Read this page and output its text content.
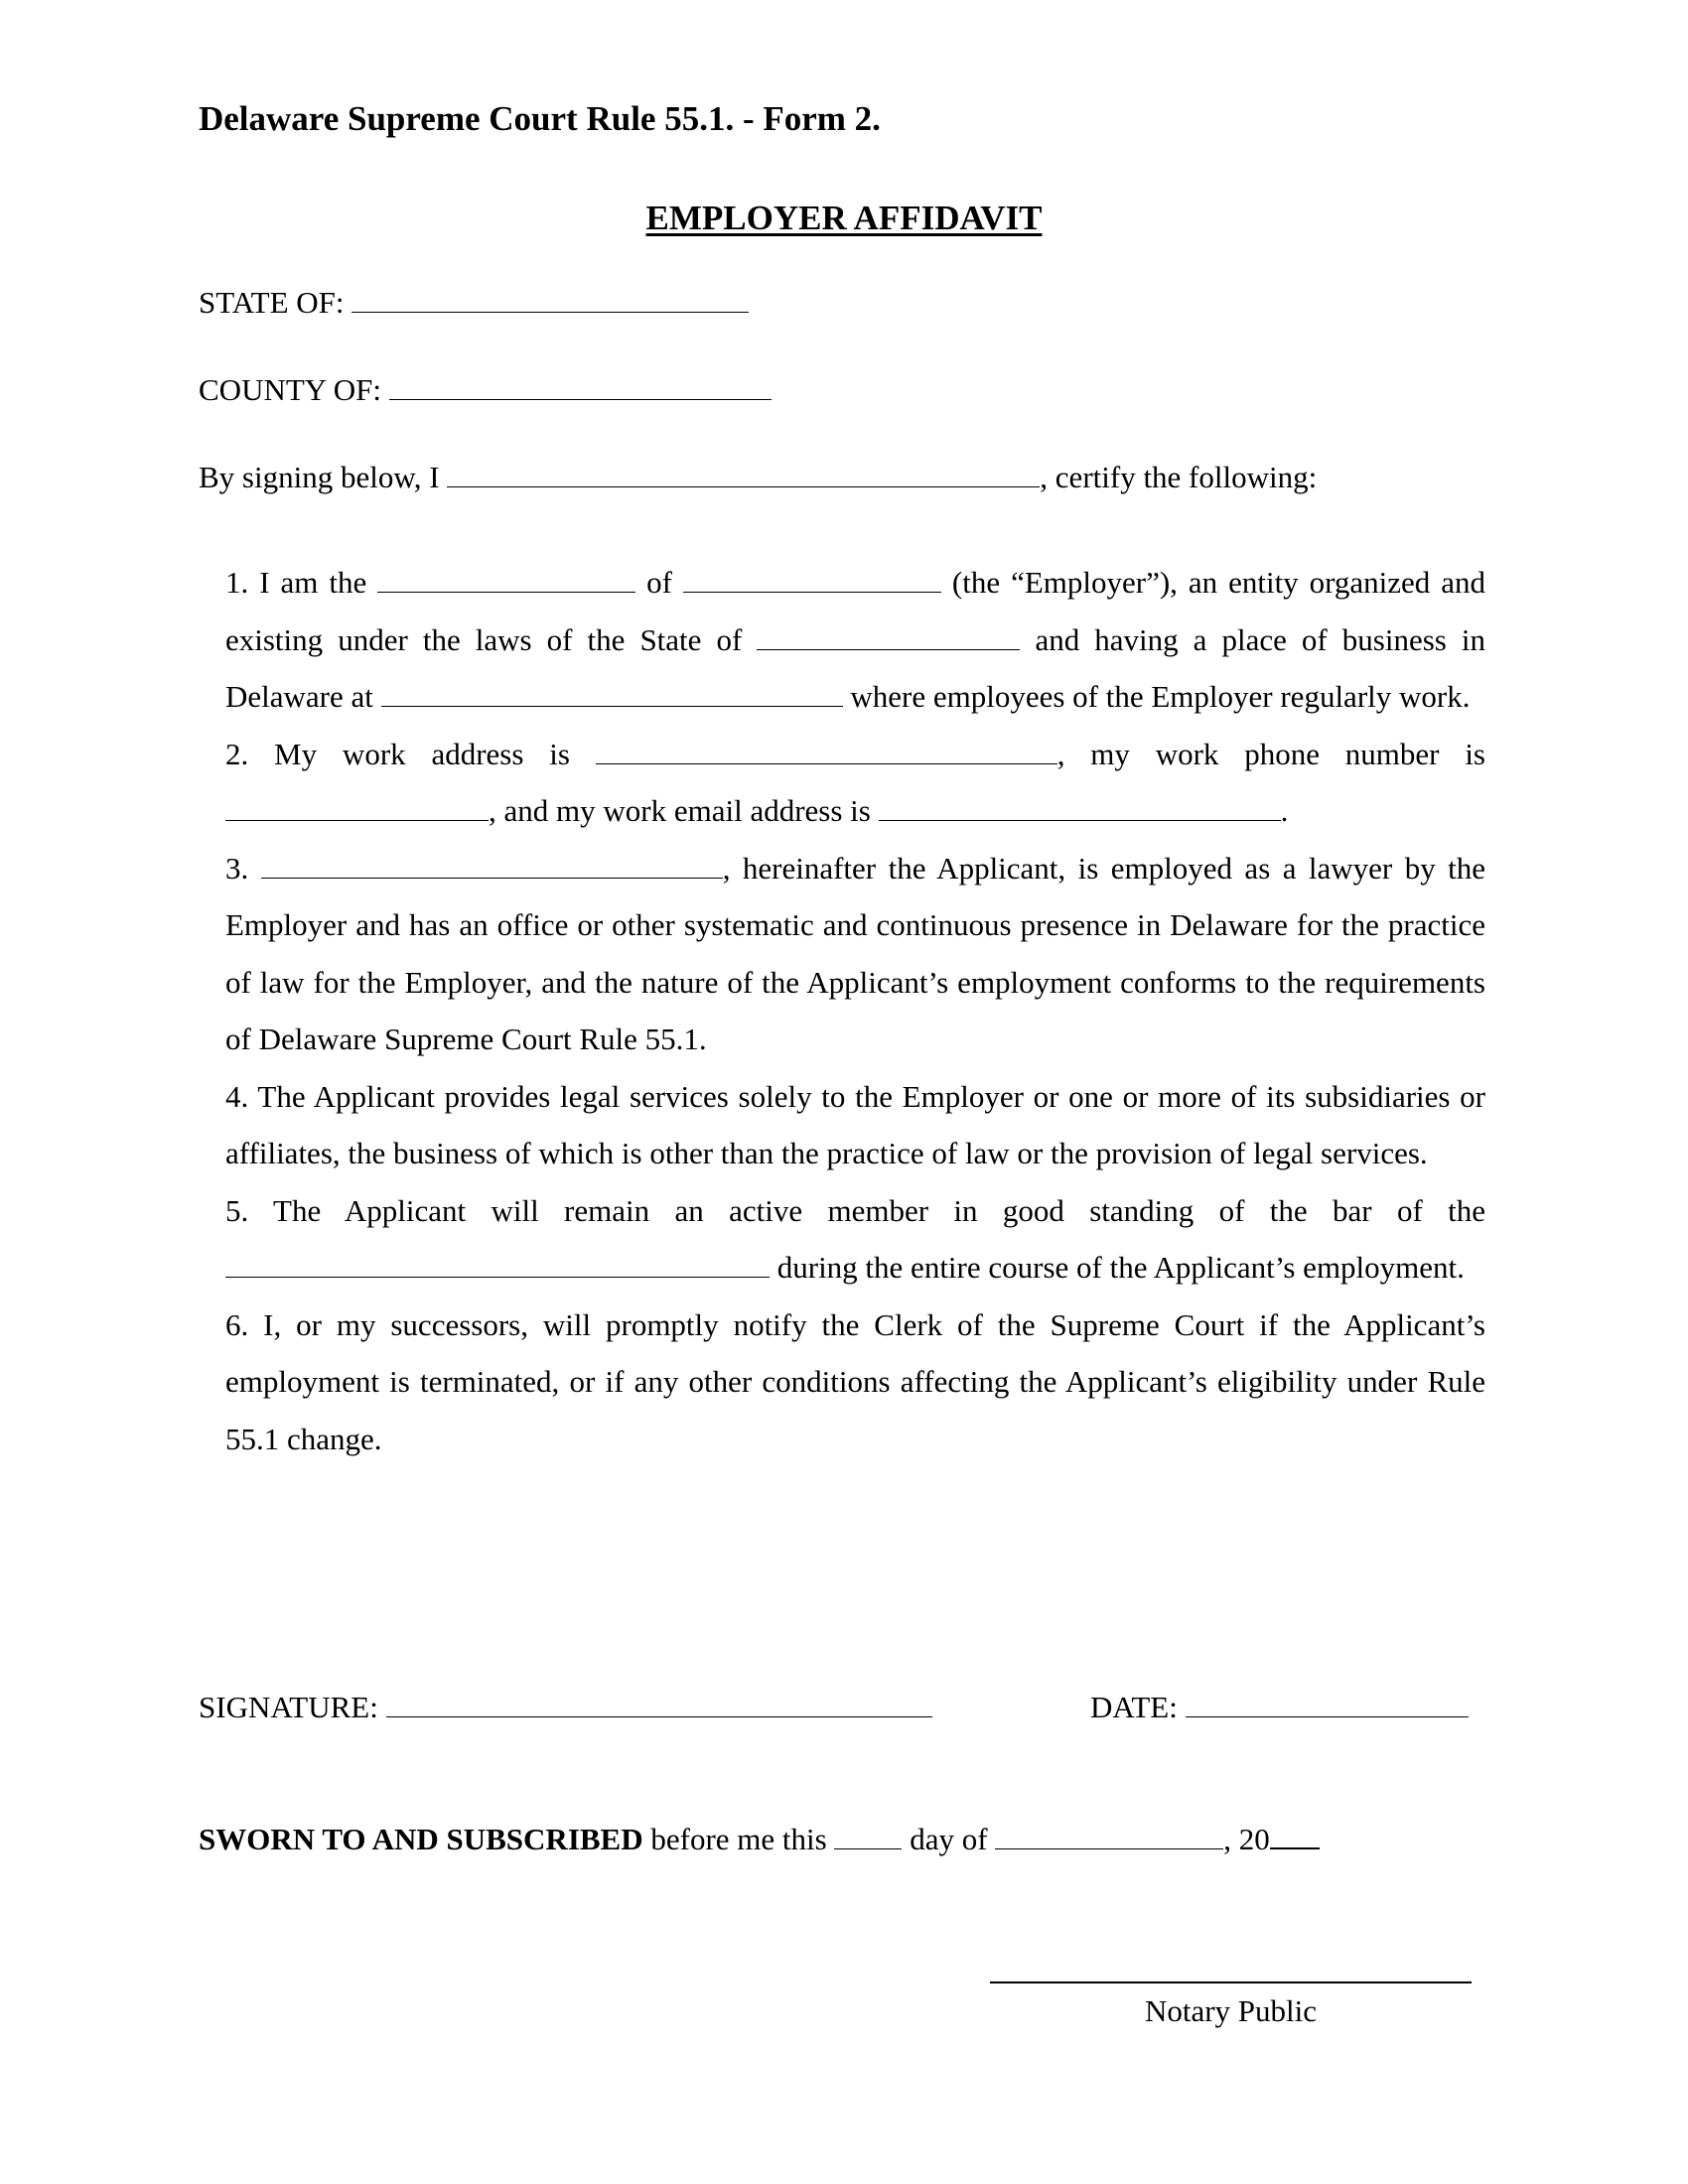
Delaware Supreme Court Rule 55.1. - Form 2.
EMPLOYER AFFIDAVIT
STATE OF:
COUNTY OF:
By signing below, I	, certify the following:

1. I am the	of	(the “Employer”), an entity organized and existing under the laws of the State of	and having a place of business in Delaware at	where employees of the Employer regularly work.

2. My work address is	, my work phone number is , and my work email address is	.

3.	, hereinafter the Applicant, is employed as a lawyer by the Employer and has an office or other systematic and continuous presence in Delaware for the practice of law for the Employer, and the nature of the Applicant’s employment conforms to the requirements of Delaware Supreme Court Rule 55.1.

4. The Applicant provides legal services solely to the Employer or one or more of its subsidiaries or affiliates, the business of which is other than the practice of law or the provision of legal services.

5. The Applicant will remain an active member in good standing of the bar of the  during the entire course of the Applicant’s employment.

6. I, or my successors, will promptly notify the Clerk of the Supreme Court if the Applicant’s employment is terminated, or if any other conditions affecting the Applicant’s eligibility under Rule 55.1 change.

SIGNATURE:	DATE:
SWORN TO AND SUBSCRIBED before me this	day of	, 20
Notary Public
